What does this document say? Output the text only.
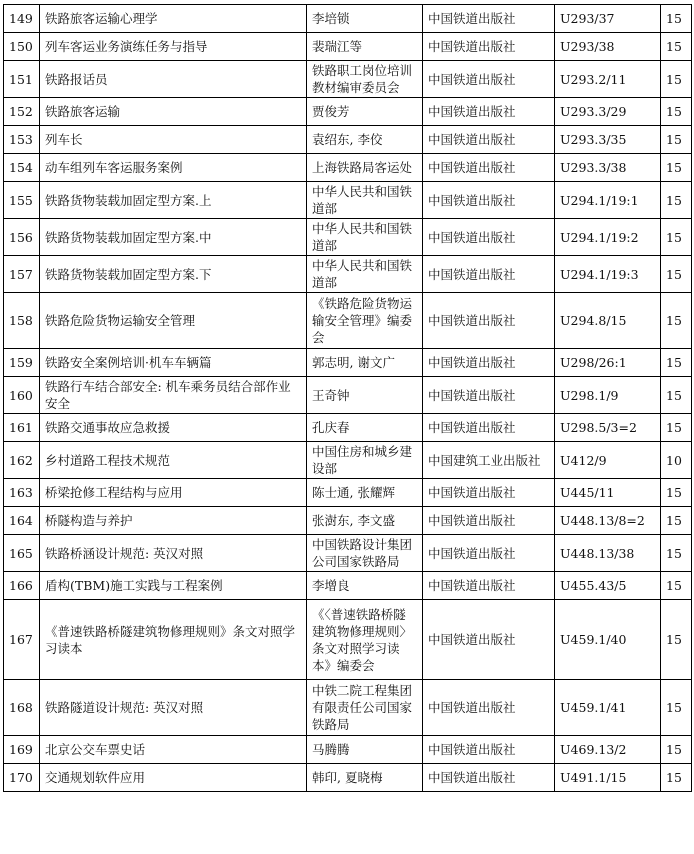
149	铁路旅客运输心理学	李培锁	中国铁道出版社	U293/37	15
150	列车客运业务演练任务与指导	裴瑞江等	中国铁道出版社	U293/38	15
151	铁路报话员	铁路职工岗位培训教材编审委员会	中国铁道出版社	U293.2/11	15
152	铁路旅客运输	贾俊芳	中国铁道出版社	U293.3/29	15
153	列车长	袁绍东, 李佼	中国铁道出版社	U293.3/35	15
154	动车组列车客运服务案例	上海铁路局客运处	中国铁道出版社	U293.3/38	15
155	铁路货物装载加固定型方案.上	中华人民共和国铁道部	中国铁道出版社	U294.1/19:1	15
156	铁路货物装载加固定型方案.中	中华人民共和国铁道部	中国铁道出版社	U294.1/19:2	15
157	铁路货物装载加固定型方案.下	中华人民共和国铁道部	中国铁道出版社	U294.1/19:3	15
158	铁路危险货物运输安全管理	《铁路危险货物运输安全管理》编委会	中国铁道出版社	U294.8/15	15
159	铁路安全案例培训·机车车辆篇	郭志明, 谢文广	中国铁道出版社	U298/26:1	15
160	铁路行车结合部安全: 机车乘务员结合部作业安全	王奇钟	中国铁道出版社	U298.1/9	15
161	铁路交通事故应急救援	孔庆春	中国铁道出版社	U298.5/3=2	15
162	乡村道路工程技术规范	中国住房和城乡建设部	中国建筑工业出版社	U412/9	10
163	桥梁抢修工程结构与应用	陈士通, 张耀辉	中国铁道出版社	U445/11	15
164	桥隧构造与养护	张澍东, 李文盛	中国铁道出版社	U448.13/8=2	15
165	铁路桥涵设计规范: 英汉对照	中国铁路设计集团公司国家铁路局	中国铁道出版社	U448.13/38	15
166	盾构(TBM)施工实践与工程案例	李增良	中国铁道出版社	U455.43/5	15
167	《普速铁路桥隧建筑物修理规则》条文对照学习读本	《〈普速铁路桥隧建筑物修理规则〉条文对照学习读本》编委会	中国铁道出版社	U459.1/40	15
168	铁路隧道设计规范: 英汉对照	中铁二院工程集团有限责任公司国家铁路局	中国铁道出版社	U459.1/41	15
169	北京公交车票史话	马腾腾	中国铁道出版社	U469.13/2	15
170	交通规划软件应用	韩印, 夏晓梅	中国铁道出版社	U491.1/15	15
